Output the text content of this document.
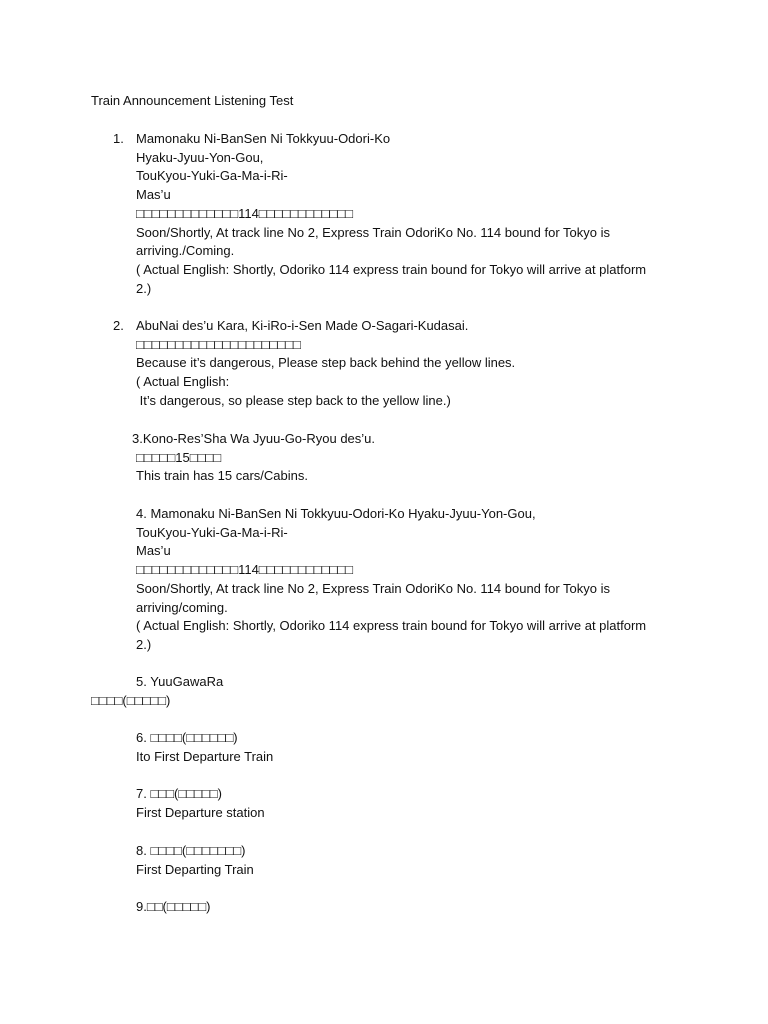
Train Announcement Listening Test
1. Mamonaku Ni-BanSen Ni Tokkyuu-Odori-Ko
Hyaku-Jyuu-Yon-Gou,
TouKyou-Yuki-Ga-Ma-i-Ri-
Mas’u
□□□□□□□□□□□□□114□□□□□□□□□□□□
Soon/Shortly, At track line No 2, Express Train OdoriKo No. 114 bound for Tokyo is arriving./Coming.
( Actual English: Shortly, Odoriko 114 express train bound for Tokyo will arrive at platform 2.)
2. AbuNai des’u Kara, Ki-iRo-i-Sen Made O-Sagari-Kudasai.
□□□□□□□□□□□□□□□□□□□□□
Because it’s dangerous, Please step back behind the yellow lines.
( Actual English:
It’s dangerous, so please step back to the yellow line.)
3.Kono-Res’Sha Wa Jyuu-Go-Ryou des’u.
□□□□□15□□□□
This train has 15 cars/Cabins.
4. Mamonaku Ni-BanSen Ni Tokkyuu-Odori-Ko Hyaku-Jyuu-Yon-Gou,
TouKyou-Yuki-Ga-Ma-i-Ri-
Mas’u
□□□□□□□□□□□□□114□□□□□□□□□□□□
Soon/Shortly, At track line No 2, Express Train OdoriKo No. 114 bound for Tokyo is arriving/coming.
( Actual English: Shortly, Odoriko 114 express train bound for Tokyo will arrive at platform 2.)
5. YuuGawaRa
□□□□(□□□□□)
6. □□□□(□□□□□□)
Ito First Departure Train
7. □□□(□□□□□)
First Departure station
8. □□□□(□□□□□□□)
First Departing Train
9.□□(□□□□□)
